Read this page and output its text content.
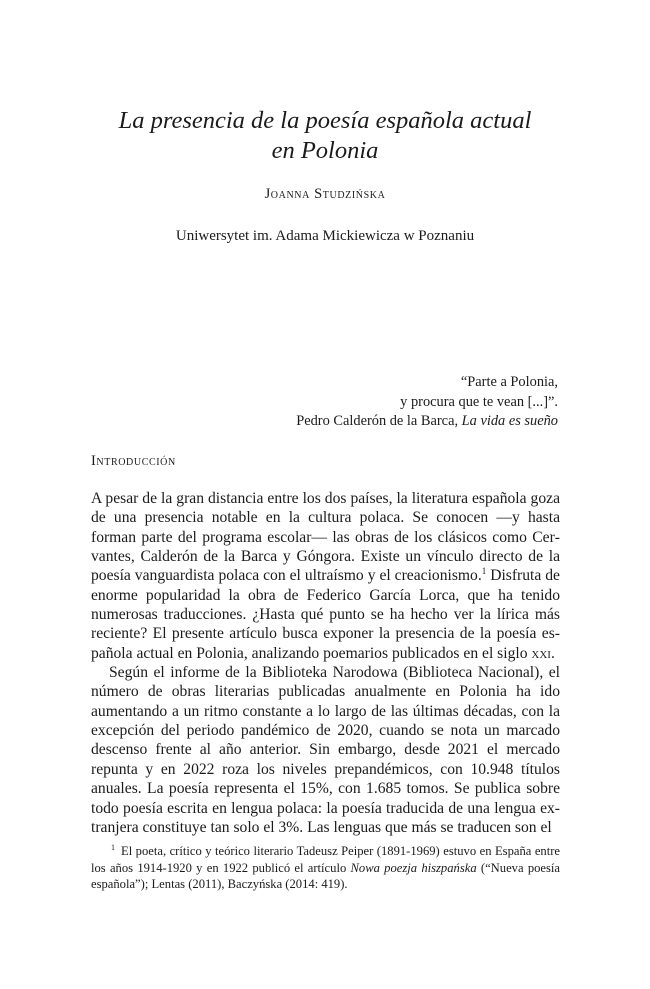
La presencia de la poesía española actual
en Polonia
Joanna Studzińska
Uniwersytet im. Adama Mickiewicza w Poznaniu
“Parte a Polonia,
y procura que te vean [...]”.
Pedro Calderón de la Barca, La vida es sueño
Introducción

A pesar de la gran distancia entre los dos países, la literatura española goza de una presencia notable en la cultura polaca. Se conocen —y hasta forman parte del programa escolar— las obras de los clásicos como Cervantes, Calderón de la Barca y Góngora. Existe un vínculo directo de la poesía vanguardista polaca con el ultraísmo y el creacionismo.$^1$ Disfruta de enorme popularidad la obra de Federico García Lorca, que ha tenido numerosas traducciones. ¿Hasta qué punto se ha hecho ver la lírica más reciente? El presente artículo busca exponer la presencia de la poesía española actual en Polonia, analizando poemarios publicados en el siglo xxi.

Según el informe de la Biblioteka Narodowa (Biblioteca Nacional), el número de obras literarias publicadas anualmente en Polonia ha ido aumentando a un ritmo constante a lo largo de las últimas décadas, con la excepción del periodo pandémico de 2020, cuando se nota un marcado descenso frente al año anterior. Sin embargo, desde 2021 el mercado repunta y en 2022 roza los niveles prepandémicos, con 10.948 títulos anuales. La poesía representa el 15%, con 1.685 tomos. Se publica sobre todo poesía escrita en lengua polaca: la poesía traducida de una lengua extranjera constituye tan solo el 3%. Las lenguas que más se traducen son el

$^1$ El poeta, crítico y teórico literario Tadeusz Peiper (1891-1969) estuvo en España entre los años 1914-1920 y en 1922 publicó el artículo Nowa poezja hiszpańska (“Nueva poesía española”); Lentas (2011), Baczyńska (2014: 419).
